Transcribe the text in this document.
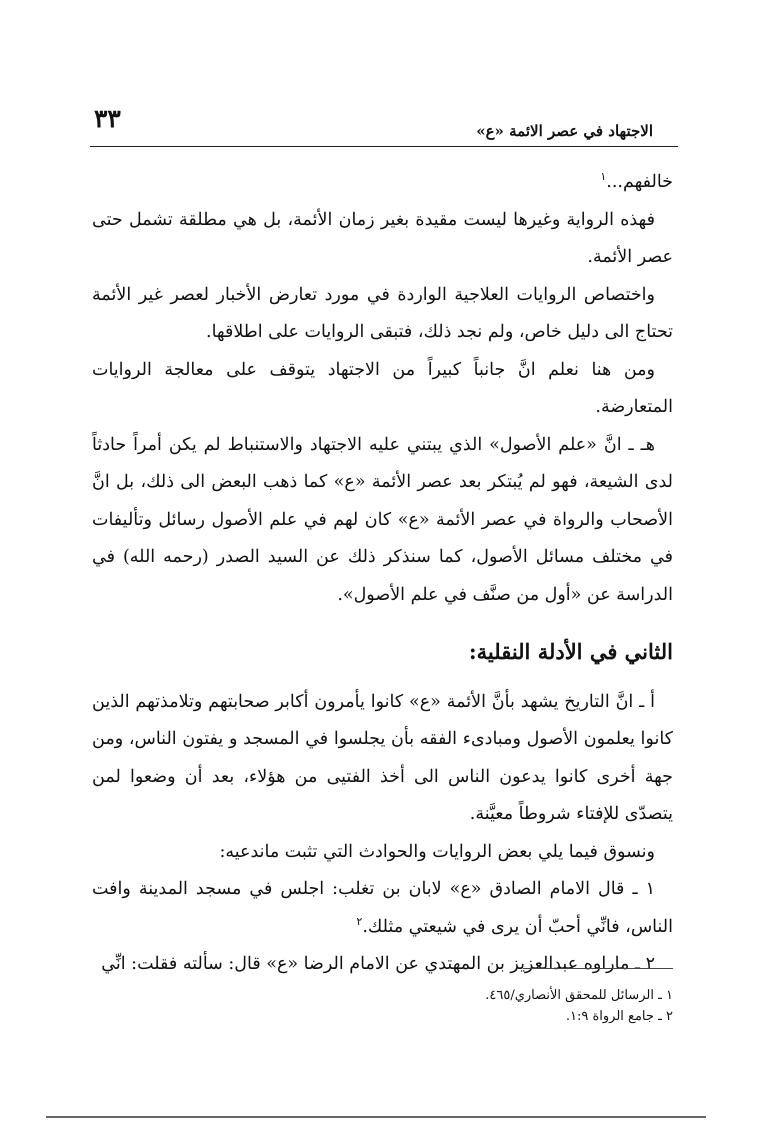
الاجتهاد في عصر الائمة «ع»
٣٣

خالفهم...$^١$

فهذه الرواية وغيرها ليست مقيدة بغير زمان الأئمة، بل هي مطلقة تشمل حتى عصر الأئمة.

واختصاص الروايات العلاجية الواردة في مورد تعارض الأخبار لعصر غير الأئمة تحتاج الى دليل خاص، ولم نجد ذلك، فتبقى الروايات على اطلاقها.

ومن هنا نعلم انَّ جانباً كبيراً من الاجتهاد يتوقف على معالجة الروايات المتعارضة.

هـ ـ انَّ «علم الأصول» الذي يبتني عليه الاجتهاد والاستنباط لم يكن أمراً حادثاً لدى الشيعة، فهو لم يُبتكر بعد عصر الأئمة «ع» كما ذهب البعض الى ذلك، بل انَّ الأصحاب والرواة في عصر الأئمة «ع» كان لهم في علم الأصول رسائل وتأليفات في مختلف مسائل الأصول، كما سنذكر ذلك عن السيد الصدر (رحمه الله) في الدراسة عن «أول من صنَّف في علم الأصول».

الثاني في الأدلة النقلية:

أ ـ انَّ التاريخ يشهد بأنَّ الأئمة «ع» كانوا يأمرون أكابر صحابتهم وتلامذتهم الذين كانوا يعلمون الأصول ومبادىء الفقه بأن يجلسوا في المسجد و يفتون الناس، ومن جهة أخرى كانوا يدعون الناس الى أخذ الفتيى من هؤلاء، بعد أن وضعوا لمن يتصدّى للإفتاء شروطاً معيَّنة.

ونسوق فيما يلي بعض الروايات والحوادث التي تثبت ماندعيه:

١ ـ قال الامام الصادق «ع» لابان بن تغلب: اجلس في مسجد المدينة وافت الناس، فانِّي أحبّ أن يرى في شيعتي مثلك.$^٢$

٢ ـ ماراوه عبدالعزيز بن المهتدي عن الامام الرضا «ع» قال: سألته فقلت: انِّي

١ ـ الرسائل للمحقق الأنصاري/٤٦٥.
٢ ـ جامع الرواة ١:٩.
